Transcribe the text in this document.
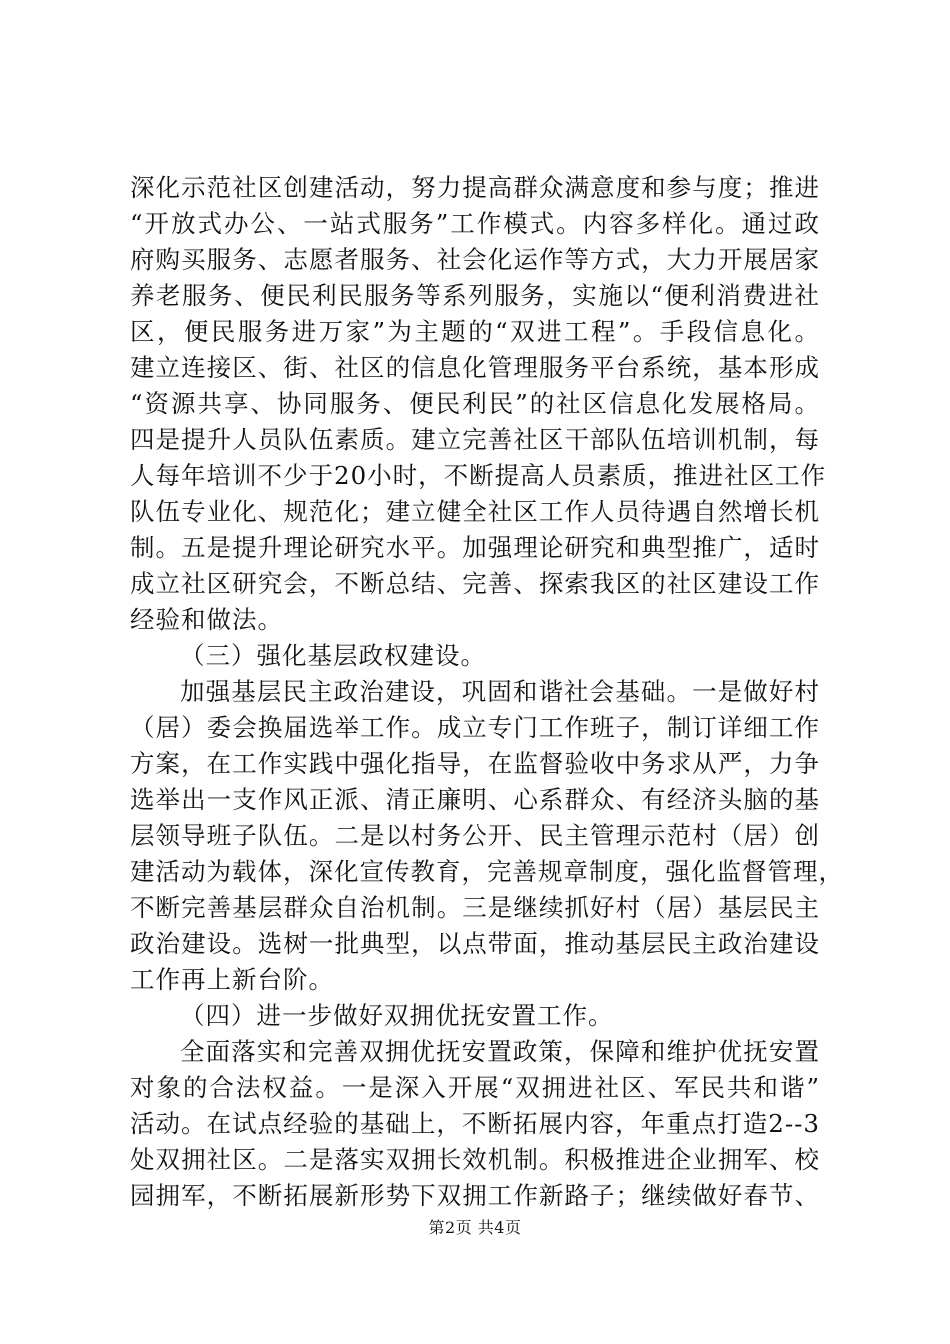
深化示范社区创建活动，努力提高群众满意度和参与度；推进
“开放式办公、一站式服务”工作模式。内容多样化。通过政
府购买服务、志愿者服务、社会化运作等方式，大力开展居家
养老服务、便民利民服务等系列服务，实施以“便利消费进社
区，便民服务进万家”为主题的“双进工程”。手段信息化。
建立连接区、街、社区的信息化管理服务平台系统，基本形成
“资源共享、协同服务、便民利民”的社区信息化发展格局。
四是提升人员队伍素质。建立完善社区干部队伍培训机制，每
人每年培训不少于20小时，不断提高人员素质，推进社区工作
队伍专业化、规范化；建立健全社区工作人员待遇自然增长机
制。五是提升理论研究水平。加强理论研究和典型推广，适时
成立社区研究会，不断总结、完善、探索我区的社区建设工作
经验和做法。
（三）强化基层政权建设。
加强基层民主政治建设，巩固和谐社会基础。一是做好村
（居）委会换届选举工作。成立专门工作班子，制订详细工作
方案，在工作实践中强化指导，在监督验收中务求从严，力争
选举出一支作风正派、清正廉明、心系群众、有经济头脑的基
层领导班子队伍。二是以村务公开、民主管理示范村（居）创
建活动为载体，深化宣传教育，完善规章制度，强化监督管理，
不断完善基层群众自治机制。三是继续抓好村（居）基层民主
政治建设。选树一批典型，以点带面，推动基层民主政治建设
工作再上新台阶。
（四）进一步做好双拥优抚安置工作。
全面落实和完善双拥优抚安置政策，保障和维护优抚安置
对象的合法权益。一是深入开展“双拥进社区、军民共和谐”
活动。在试点经验的基础上，不断拓展内容，年重点打造2--3
处双拥社区。二是落实双拥长效机制。积极推进企业拥军、校
园拥军，不断拓展新形势下双拥工作新路子；继续做好春节、
第2页 共4页
